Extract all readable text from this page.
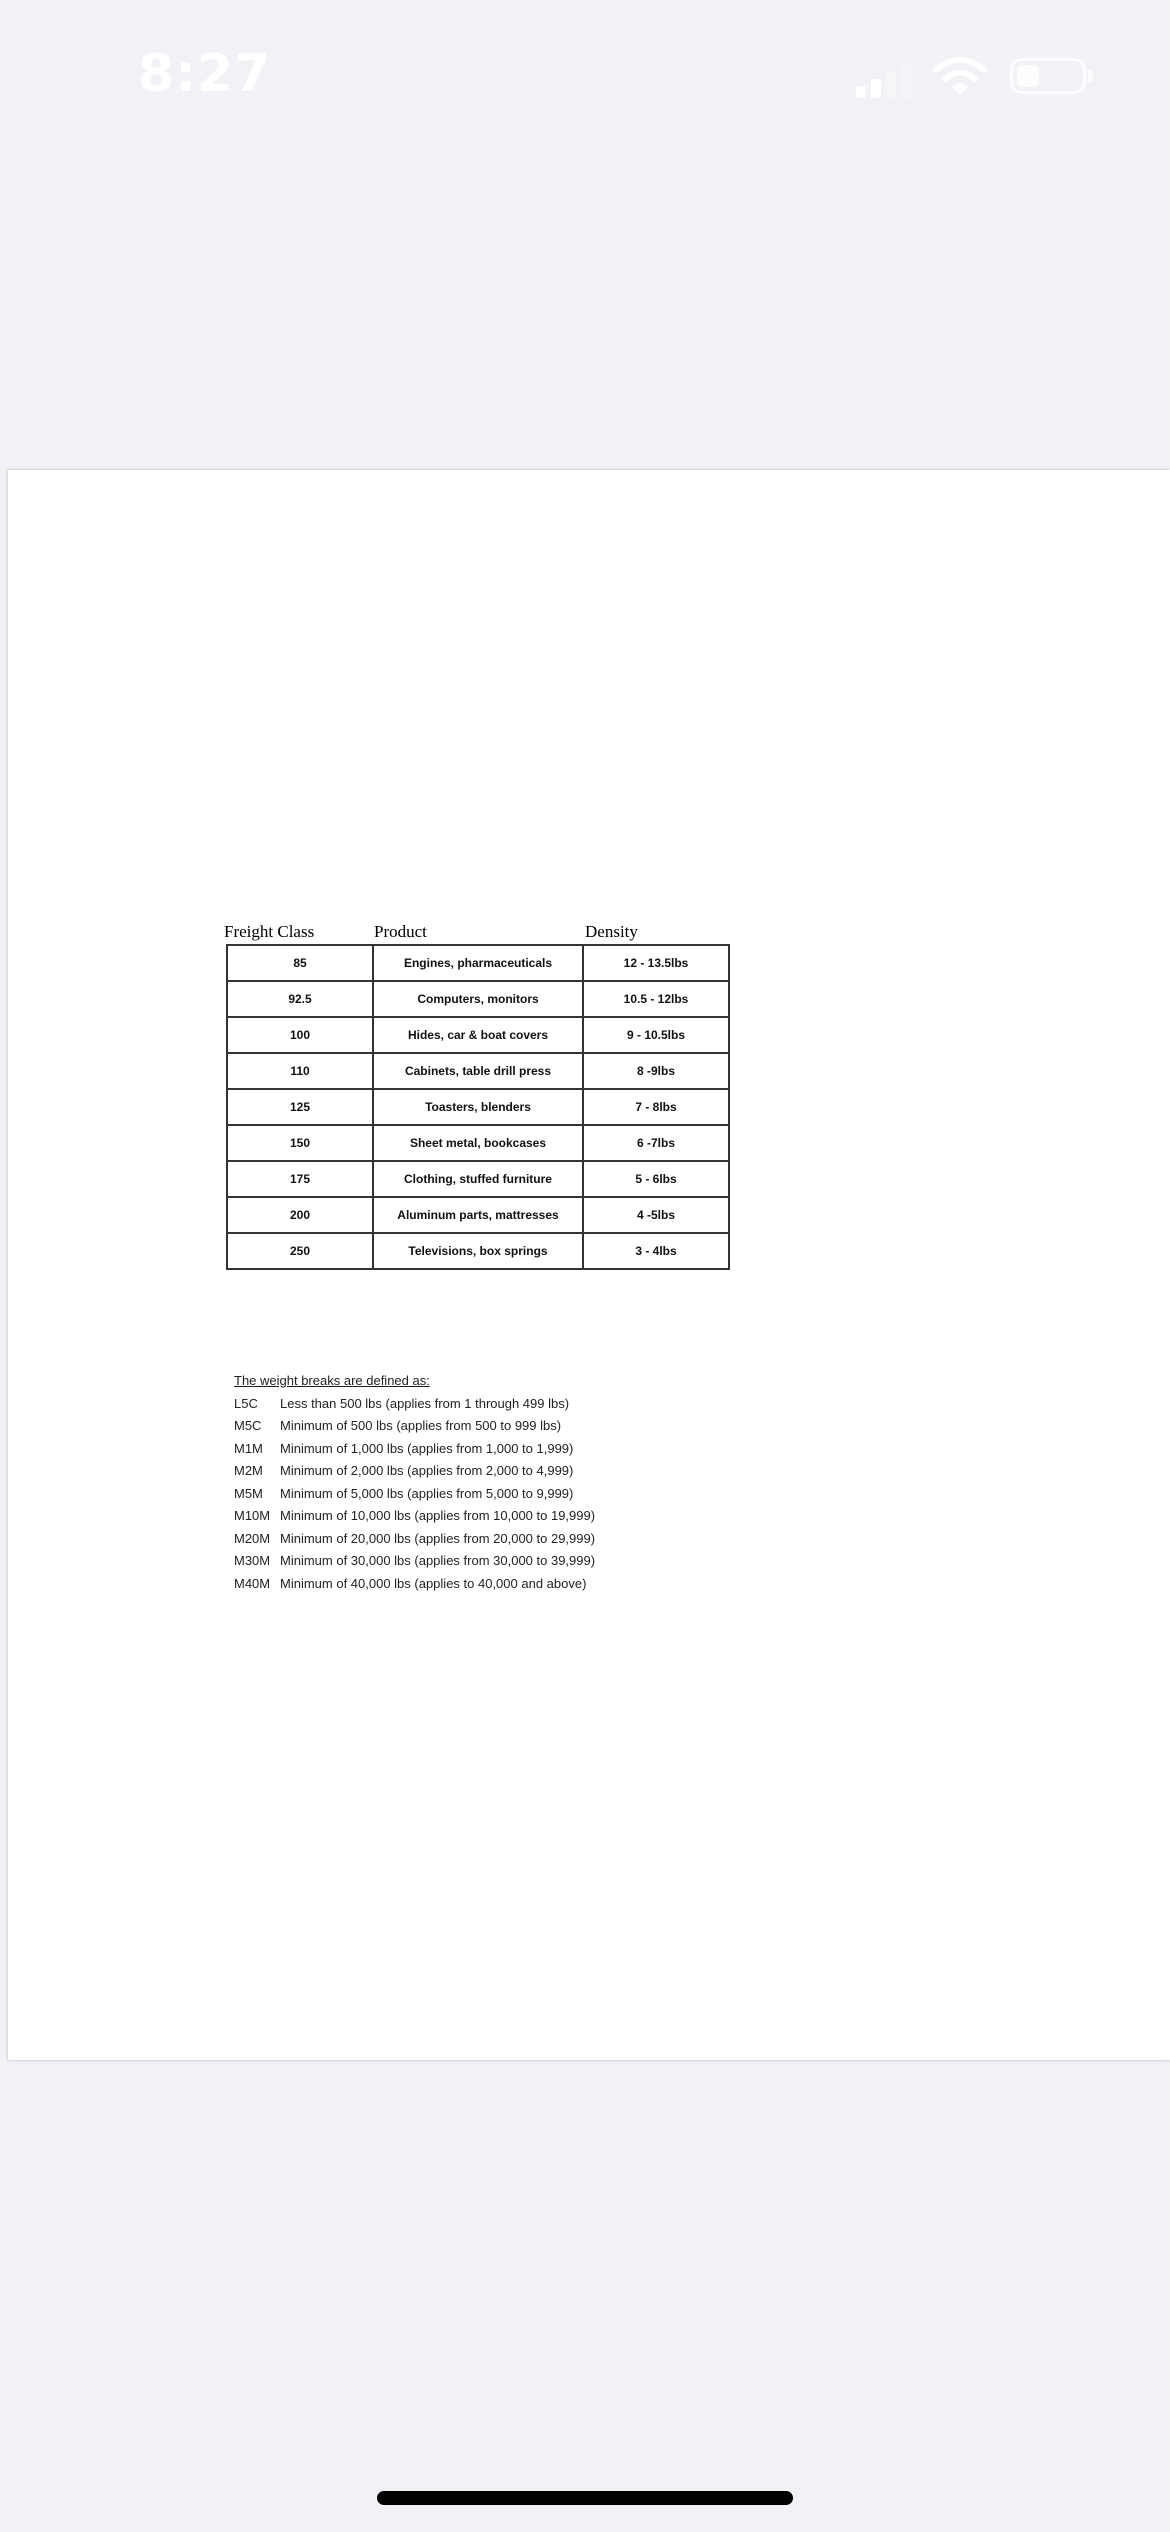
8:27
Freight Class	Product	Density
85	Engines, pharmaceuticals	12 - 13.5lbs
92.5	Computers, monitors	10.5 - 12lbs
100	Hides, car & boat covers	9 - 10.5lbs
110	Cabinets, table drill press	8 -9lbs
125	Toasters, blenders	7 - 8lbs
150	Sheet metal, bookcases	6 -7lbs
175	Clothing, stuffed furniture	5 - 6lbs
200	Aluminum parts, mattresses	4 -5lbs
250	Televisions, box springs	3 - 4lbs
The weight breaks are defined as:
L5C	Less than 500 lbs (applies from 1 through 499 lbs)
M5C	Minimum of 500 lbs (applies from 500 to 999 lbs)
M1M	Minimum of 1,000 lbs (applies from 1,000 to 1,999)
M2M	Minimum of 2,000 lbs (applies from 2,000 to 4,999)
M5M	Minimum of 5,000 lbs (applies from 5,000 to 9,999)
M10M Minimum of 10,000 lbs (applies from 10,000 to 19,999)
M20M Minimum of 20,000 lbs (applies from 20,000 to 29,999)
M30M Minimum of 30,000 lbs (applies from 30,000 to 39,999)
M40M Minimum of 40,000 lbs (applies to 40,000 and above)
